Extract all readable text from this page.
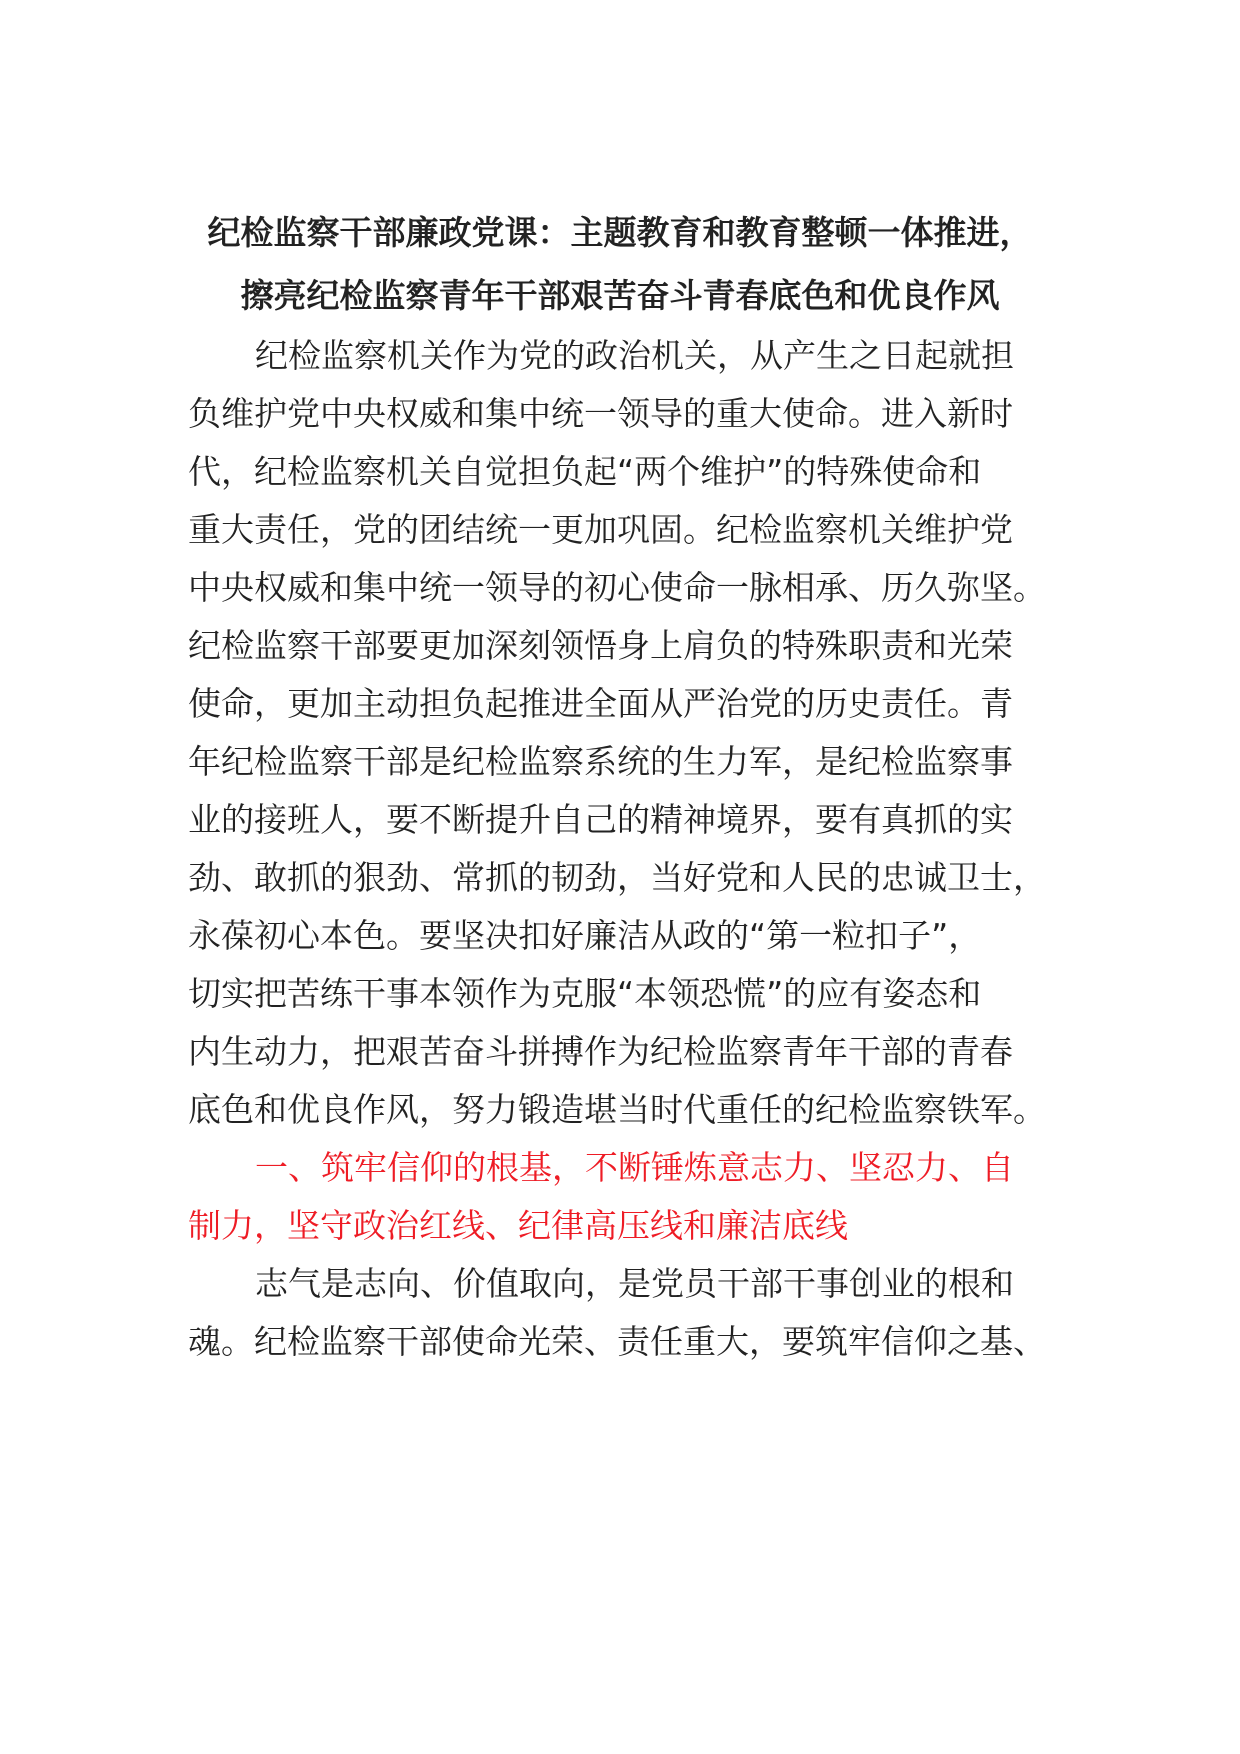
纪检监察干部廉政党课：主题教育和教育整顿一体推进，
擦亮纪检监察青年干部艰苦奋斗青春底色和优良作风
纪检监察机关作为党的政治机关，从产生之日起就担
负维护党中央权威和集中统一领导的重大使命。进入新时
代，纪检监察机关自觉担负起“两个维护”的特殊使命和
重大责任，党的团结统一更加巩固。纪检监察机关维护党
中央权威和集中统一领导的初心使命一脉相承、历久弥坚。
纪检监察干部要更加深刻领悟身上肩负的特殊职责和光荣
使命，更加主动担负起推进全面从严治党的历史责任。青
年纪检监察干部是纪检监察系统的生力军，是纪检监察事
业的接班人，要不断提升自己的精神境界，要有真抓的实
劲、敢抓的狠劲、常抓的韧劲，当好党和人民的忠诚卫士，
永葆初心本色。要坚决扣好廉洁从政的“第一粒扣子”，
切实把苦练干事本领作为克服“本领恐慌”的应有姿态和
内生动力，把艰苦奋斗拼搏作为纪检监察青年干部的青春
底色和优良作风，努力锻造堪当时代重任的纪检监察铁军。
一、筑牢信仰的根基，不断锤炼意志力、坚忍力、自
制力，坚守政治红线、纪律高压线和廉洁底线
志气是志向、价值取向，是党员干部干事创业的根和
魂。纪检监察干部使命光荣、责任重大，要筑牢信仰之基、
